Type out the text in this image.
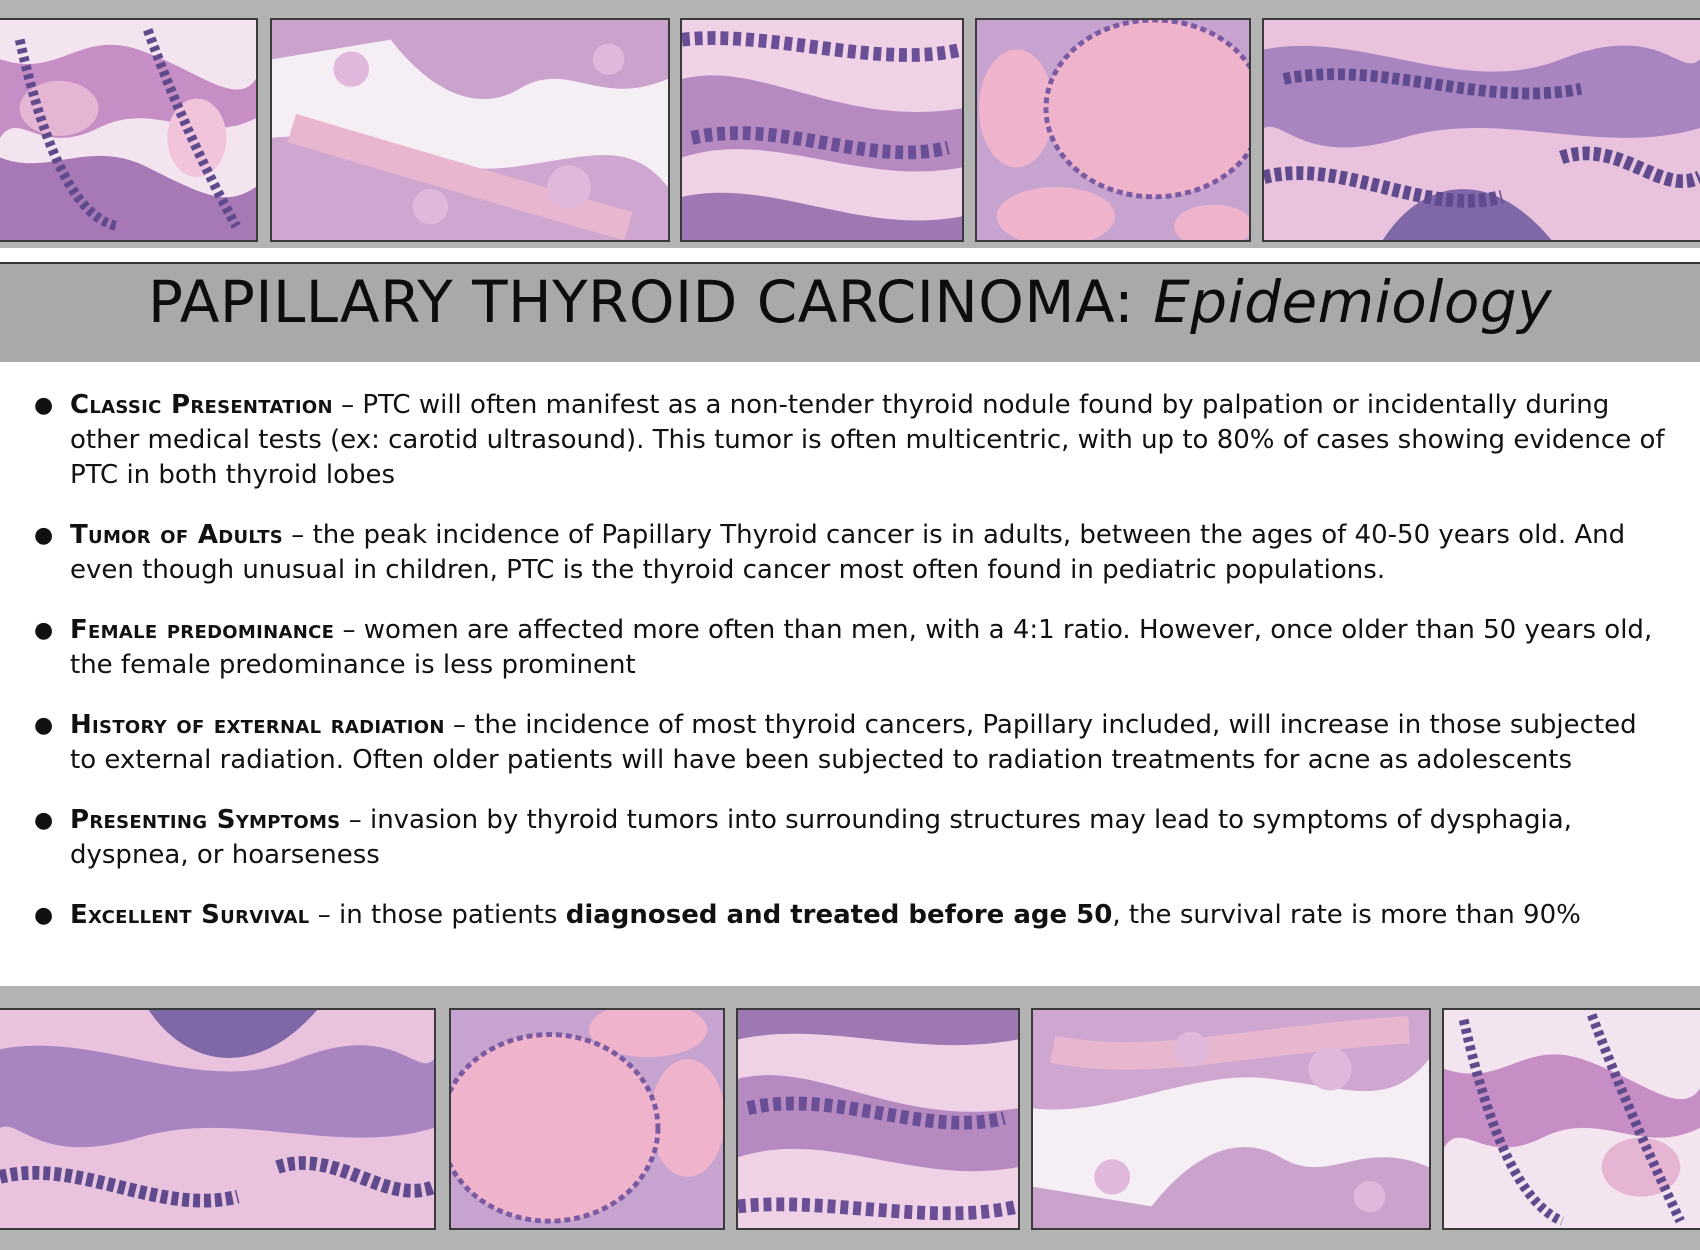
PAPILLARY THYROID CARCINOMA: Epidemiology
● Classic Presentation – PTC will often manifest as a non-tender thyroid nodule found by palpation or incidentally during other medical tests (ex: carotid ultrasound). This tumor is often multicentric, with up to 80% of cases showing evidence of PTC in both thyroid lobes
● Tumor of Adults – the peak incidence of Papillary Thyroid cancer is in adults, between the ages of 40-50 years old. And even though unusual in children, PTC is the thyroid cancer most often found in pediatric populations.
● Female predominance – women are affected more often than men, with a 4:1 ratio. However, once older than 50 years old, the female predominance is less prominent
● History of external radiation – the incidence of most thyroid cancers, Papillary included, will increase in those subjected to external radiation. Often older patients will have been subjected to radiation treatments for acne as adolescents
● Presenting Symptoms – invasion by thyroid tumors into surrounding structures may lead to symptoms of dysphagia, dyspnea, or hoarseness
● Excellent Survival – in those patients diagnosed and treated before age 50, the survival rate is more than 90%
